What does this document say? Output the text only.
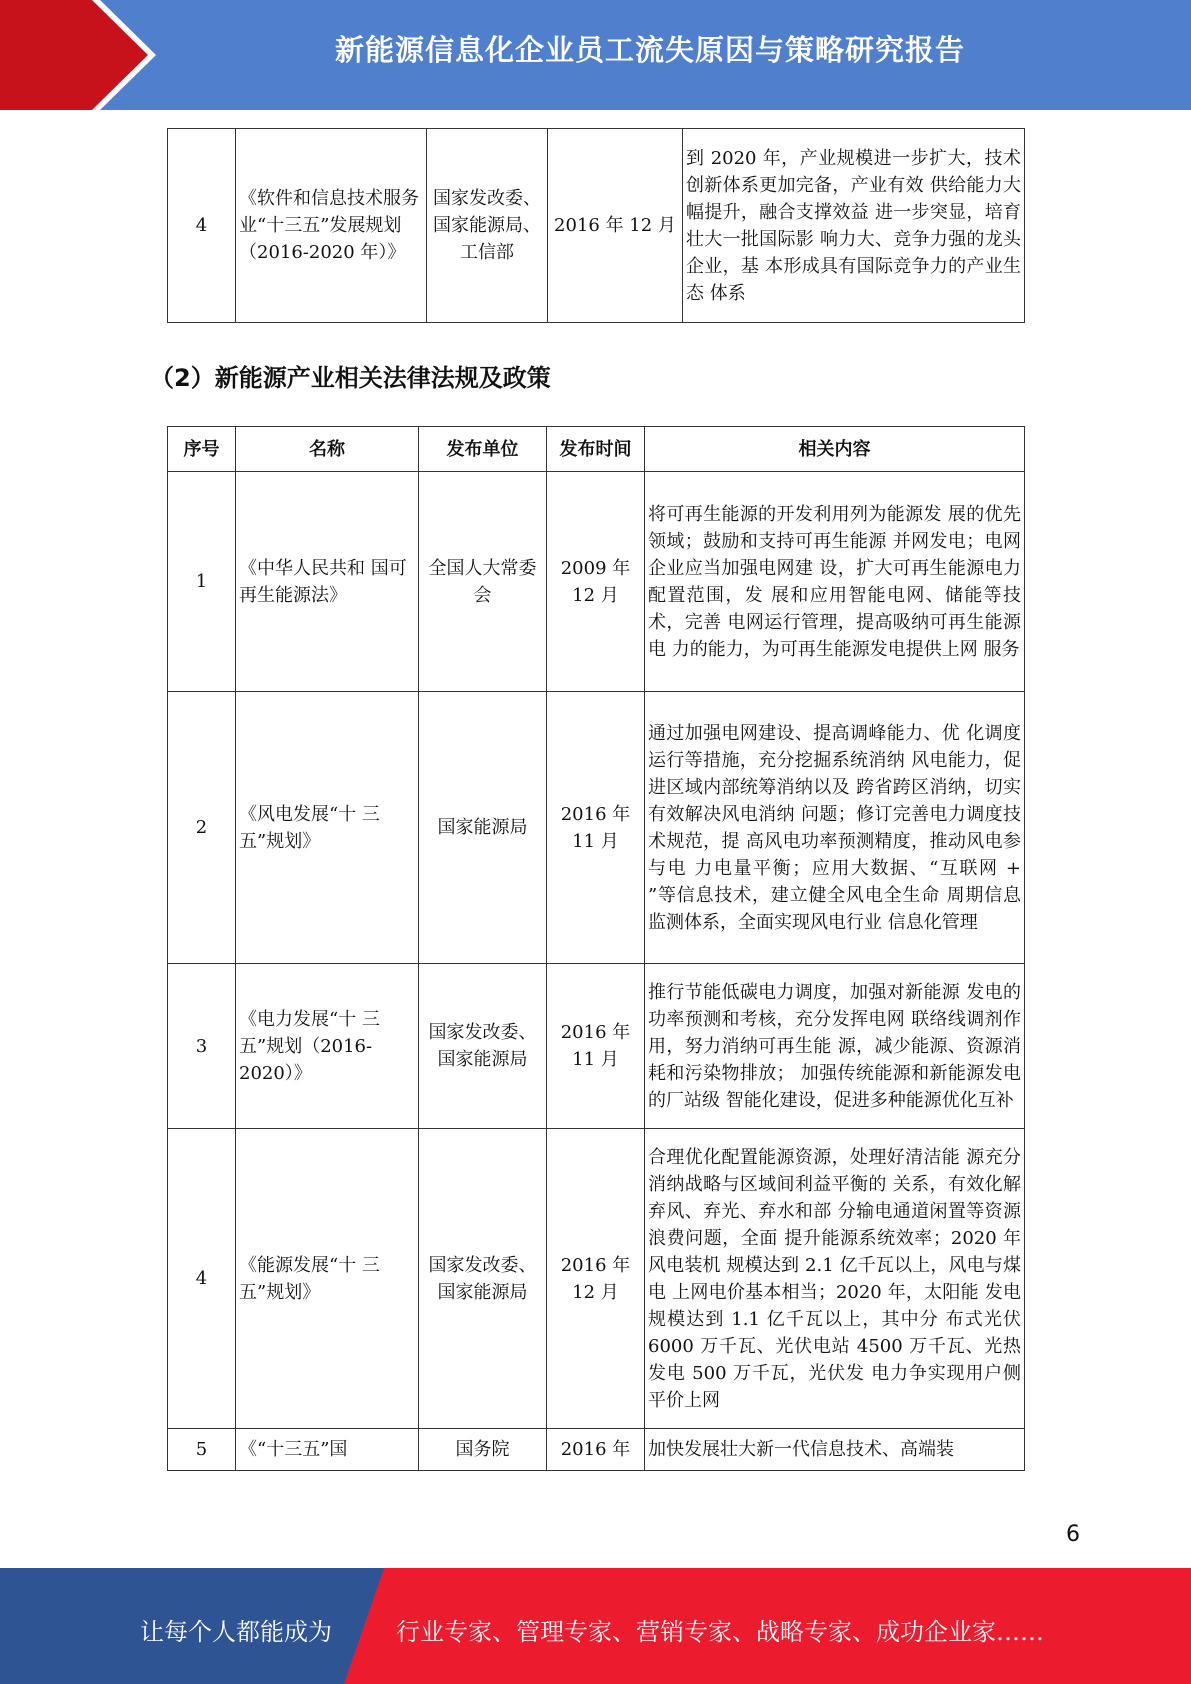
新能源信息化企业员工流失原因与策略研究报告
4	《软件和信息技术服务业“十三五”发展规划（2016-2020 年）》	国家发改委、国家能源局、工信部	2016 年 12 月	到 2020 年，产业规模进一步扩大，技术创新体系更加完备，产业有效 供给能力大幅提升，融合支撑效益 进一步突显，培育壮大一批国际影 响力大、竞争力强的龙头企业，基 本形成具有国际竞争力的产业生态 体系
（2）新能源产业相关法律法规及政策
序号	名称	发布单位	发布时间	相关内容
1	《中华人民共和 国可再生能源法》	全国人大常委会	2009 年 12 月	将可再生能源的开发利用列为能源发 展的优先领域；鼓励和支持可再生能源 并网发电；电网企业应当加强电网建 设，扩大可再生能源电力配置范围，发 展和应用智能电网、储能等技术，完善 电网运行管理，提高吸纳可再生能源电 力的能力，为可再生能源发电提供上网 服务
2	《风电发展“十 三五”规划》	国家能源局	2016 年 11 月	通过加强电网建设、提高调峰能力、优 化调度运行等措施，充分挖掘系统消纳 风电能力，促进区域内部统筹消纳以及 跨省跨区消纳，切实有效解决风电消纳 问题；修订完善电力调度技术规范，提 高风电功率预测精度，推动风电参与电 力电量平衡；应用大数据、“互联网 + ”等信息技术，建立健全风电全生命 周期信息监测体系，全面实现风电行业 信息化管理
3	《电力发展“十 三五”规划（2016-2020）》	国家发改委、国家能源局	2016 年 11 月	推行节能低碳电力调度，加强对新能源 发电的功率预测和考核，充分发挥电网 联络线调剂作用，努力消纳可再生能 源，减少能源、资源消耗和污染物排放； 加强传统能源和新能源发电的厂站级 智能化建设，促进多种能源优化互补
4	《能源发展“十 三五”规划》	国家发改委、国家能源局	2016 年 12 月	合理优化配置能源资源，处理好清洁能 源充分消纳战略与区域间利益平衡的 关系，有效化解弃风、弃光、弃水和部 分输电通道闲置等资源浪费问题，全面 提升能源系统效率；2020 年风电装机 规模达到 2.1 亿千瓦以上，风电与煤电 上网电价基本相当；2020 年，太阳能 发电规模达到 1.1 亿千瓦以上，其中分 布式光伏 6000 万千瓦、光伏电站 4500 万千瓦、光热发电 500 万千瓦，光伏发 电力争实现用户侧平价上网
5	《“十三五”国	国务院	2016 年	加快发展壮大新一代信息技术、高端装
6
让每个人都能成为	行业专家、管理专家、营销专家、战略专家、成功企业家……
